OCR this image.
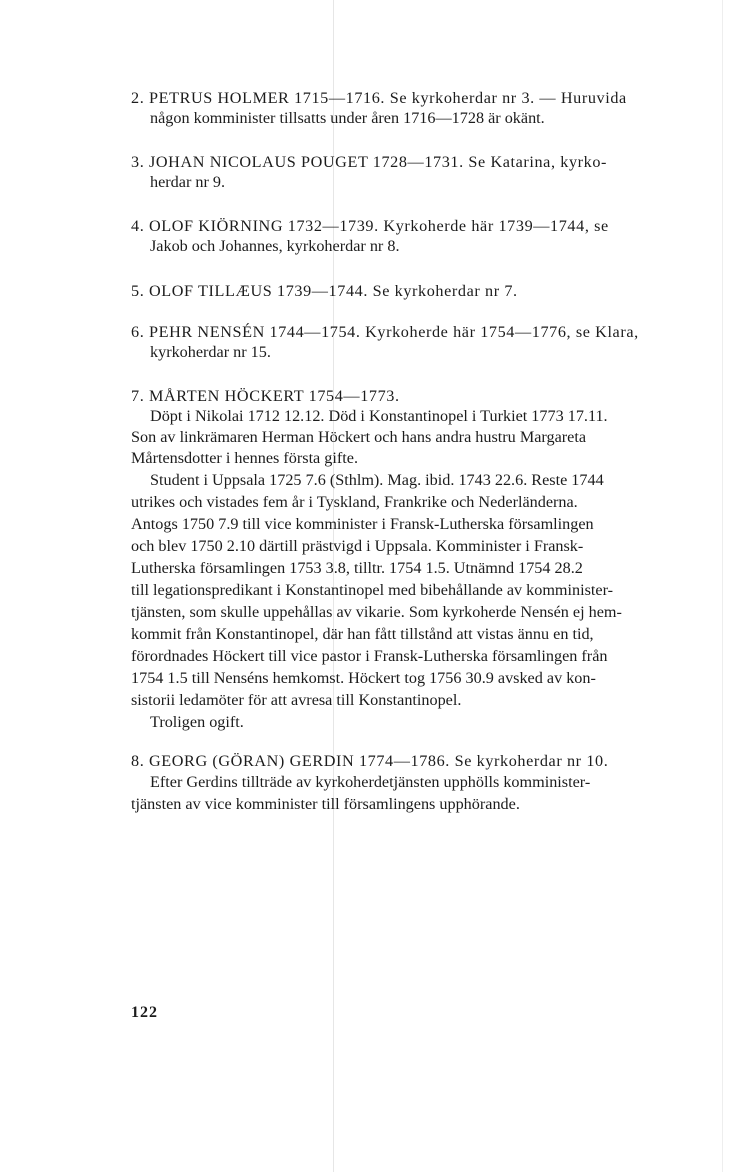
2. PETRUS HOLMER 1715—1716. Se kyrkoherdar nr 3. — Huruvida
någon komminister tillsatts under åren 1716—1728 är okänt.
3. JOHAN NICOLAUS POUGET 1728—1731. Se Katarina, kyrko-
herdar nr 9.
4. OLOF KIÖRNING 1732—1739. Kyrkoherde här 1739—1744, se
Jakob och Johannes, kyrkoherdar nr 8.
5. OLOF TILLÆUS 1739—1744. Se kyrkoherdar nr 7.
6. PEHR NENSÉN 1744—1754. Kyrkoherde här 1754—1776, se Klara,
kyrkoherdar nr 15.
7. MÅRTEN HÖCKERT 1754—1773.
Döpt i Nikolai 1712 12.12. Död i Konstantinopel i Turkiet 1773 17.11.
Son av linkrämaren Herman Höckert och hans andra hustru Margareta
Mårtensdotter i hennes första gifte.
Student i Uppsala 1725 7.6 (Sthlm). Mag. ibid. 1743 22.6. Reste 1744
utrikes och vistades fem år i Tyskland, Frankrike och Nederländerna.
Antogs 1750 7.9 till vice komminister i Fransk-Lutherska församlingen
och blev 1750 2.10 därtill prästvigd i Uppsala. Komminister i Fransk-
Lutherska församlingen 1753 3.8, tilltr. 1754 1.5. Utnämnd 1754 28.2
till legationspredikant i Konstantinopel med bibehållande av komminister-
tjänsten, som skulle uppehållas av vikarie. Som kyrkoherde Nensén ej hem-
kommit från Konstantinopel, där han fått tillstånd att vistas ännu en tid,
förordnades Höckert till vice pastor i Fransk-Lutherska församlingen från
1754 1.5 till Nenséns hemkomst. Höckert tog 1756 30.9 avsked av kon-
sistorii ledamöter för att avresa till Konstantinopel.
Troligen ogift.
8. GEORG (GÖRAN) GERDIN 1774—1786. Se kyrkoherdar nr 10.
Efter Gerdins tillträde av kyrkoherdetjänsten upphölls komminister-
tjänsten av vice komminister till församlingens upphörande.
122
